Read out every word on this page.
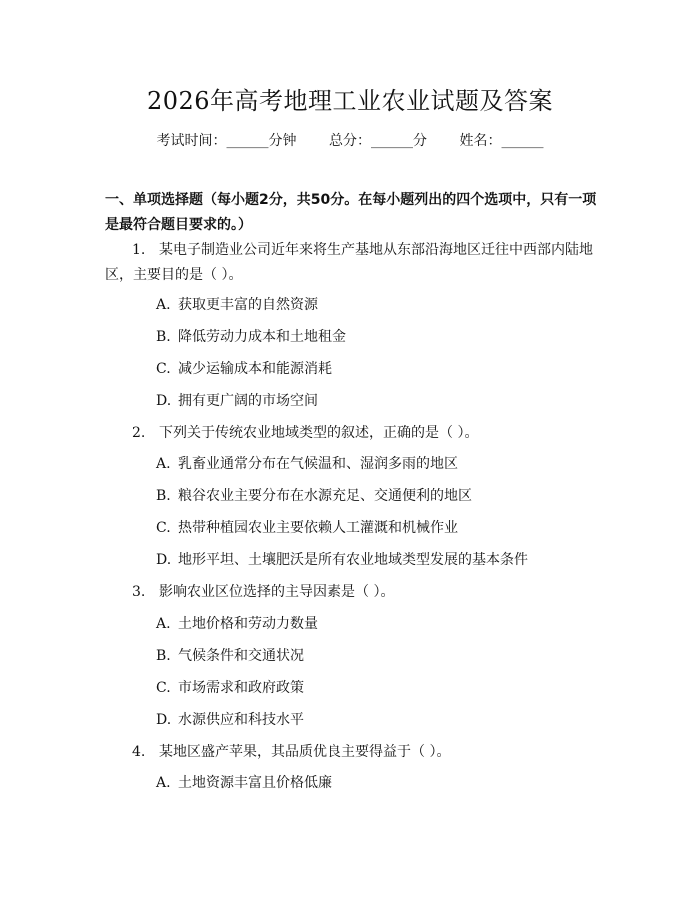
2026年高考地理工业农业试题及答案
考试时间：______分钟 总分：______分 姓名：______
一、单项选择题（每小题2分，共50分。在每小题列出的四个选项中，只有一项是最符合题目要求的。）
1. 某电子制造业公司近年来将生产基地从东部沿海地区迁往中西部内陆地区，主要目的是（ ）。
A. 获取更丰富的自然资源
B. 降低劳动力成本和土地租金
C. 减少运输成本和能源消耗
D. 拥有更广阔的市场空间
2. 下列关于传统农业地域类型的叙述，正确的是（ ）。
A. 乳畜业通常分布在气候温和、湿润多雨的地区
B. 粮谷农业主要分布在水源充足、交通便利的地区
C. 热带种植园农业主要依赖人工灌溉和机械作业
D. 地形平坦、土壤肥沃是所有农业地域类型发展的基本条件
3. 影响农业区位选择的主导因素是（ ）。
A. 土地价格和劳动力数量
B. 气候条件和交通状况
C. 市场需求和政府政策
D. 水源供应和科技水平
4. 某地区盛产苹果，其品质优良主要得益于（ ）。
A. 土地资源丰富且价格低廉
